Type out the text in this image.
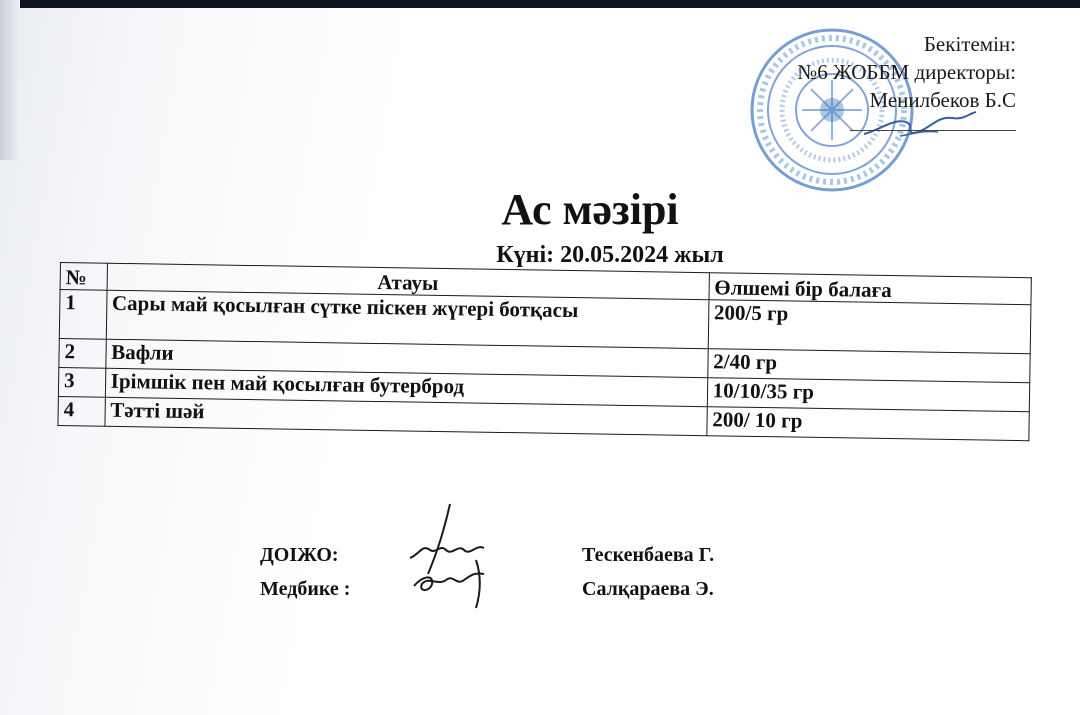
Бекітемін:
№6 ЖОББМ директоры:
Менилбеков Б.С
Ас мәзірі
Күні: 20.05.2024 жыл
№	Атауы	Өлшемі бір балаға
1	Сары май қосылған сүтке піскен жүгері ботқасы	200/5 гр
2	Вафли	2/40 гр
3	Ірімшік пен май қосылған бутерброд	10/10/35 гр
4	Тәтті шәй	200/ 10 гр
ДОІЖО:	Тескенбаева Г.
Медбике :	Салқараева Э.
